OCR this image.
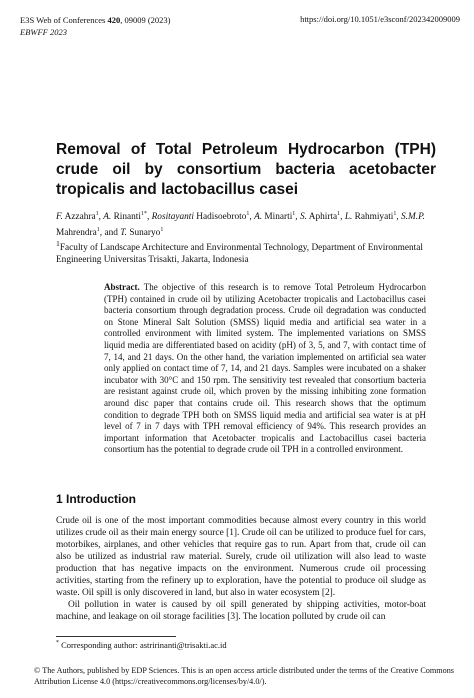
E3S Web of Conferences 420, 09009 (2023)
EBWFF 2023
https://doi.org/10.1051/e3sconf/202342009009
Removal of Total Petroleum Hydrocarbon (TPH) crude oil by consortium bacteria acetobacter tropicalis and lactobacillus casei
F. Azzahra$^1$, A. Rinanti$^{1*}$, Rositayanti Hadisoebroto$^1$, A. Minarti$^1$, S. Aphirta$^1$, L. Rahmiyati$^1$, S.M.P. Mahrendra$^1$, and T. Sunaryo$^1$
$^1$Faculty of Landscape Architecture and Environmental Technology, Department of Environmental Engineering Universitas Trisakti, Jakarta, Indonesia
Abstract. The objective of this research is to remove Total Petroleum Hydrocarbon (TPH) contained in crude oil by utilizing Acetobacter tropicalis and Lactobacillus casei bacteria consortium through degradation process. Crude oil degradation was conducted on Stone Mineral Salt Solution (SMSS) liquid media and artificial sea water in a controlled environment with limited system. The implemented variations on SMSS liquid media are differentiated based on acidity (pH) of 3, 5, and 7, with contact time of 7, 14, and 21 days. On the other hand, the variation implemented on artificial sea water only applied on contact time of 7, 14, and 21 days. Samples were incubated on a shaker incubator with 30°C and 150 rpm. The sensitivity test revealed that consortium bacteria are resistant against crude oil, which proven by the missing inhibiting zone formation around disc paper that contains crude oil. This research shows that the optimum condition to degrade TPH both on SMSS liquid media and artificial sea water is at pH level of 7 in 7 days with TPH removal efficiency of 94%. This research provides an important information that Acetobacter tropicalis and Lactobacillus casei bacteria consortium has the potential to degrade crude oil TPH in a controlled environment.
1 Introduction

Crude oil is one of the most important commodities because almost every country in this world utilizes crude oil as their main energy source [1]. Crude oil can be utilized to produce fuel for cars, motorbikes, airplanes, and other vehicles that require gas to run. Apart from that, crude oil can also be utilized as industrial raw material. Surely, crude oil utilization will also lead to waste production that has negative impacts on the environment. Numerous crude oil processing activities, starting from the refinery up to exploration, have the potential to produce oil sludge as waste. Oil spill is only discovered in land, but also in water ecosystem [2].

Oil pollution in water is caused by oil spill generated by shipping activities, motor-boat machine, and leakage on oil storage facilities [3]. The location polluted by crude oil can

* Corresponding author: astririnanti@trisakti.ac.id
© The Authors, published by EDP Sciences. This is an open access article distributed under the terms of the Creative Commons Attribution License 4.0 (https://creativecommons.org/licenses/by/4.0/).
